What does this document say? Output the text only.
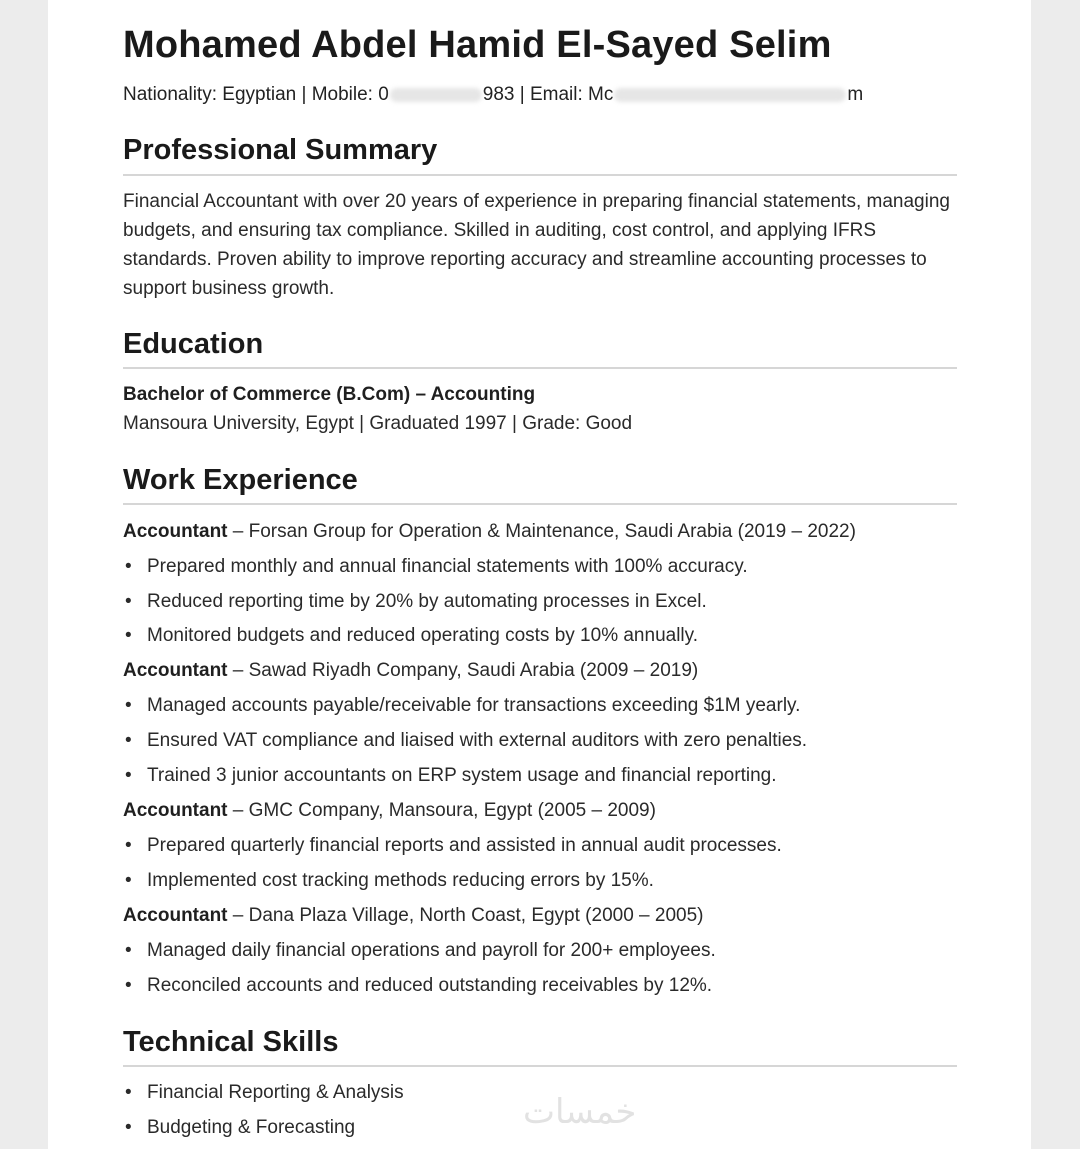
Mohamed Abdel Hamid El-Sayed Selim
Nationality: Egyptian | Mobile: 0	983 | Email: Mc	m
Professional Summary
Financial Accountant with over 20 years of experience in preparing financial statements, managing budgets, and ensuring tax compliance. Skilled in auditing, cost control, and applying IFRS standards. Proven ability to improve reporting accuracy and streamline accounting processes to support business growth.
Education
Bachelor of Commerce (B.Com) – Accounting
Mansoura University, Egypt | Graduated 1997 | Grade: Good
Work Experience
Accountant – Forsan Group for Operation & Maintenance, Saudi Arabia (2019 – 2022)
• Prepared monthly and annual financial statements with 100% accuracy.
• Reduced reporting time by 20% by automating processes in Excel.
• Monitored budgets and reduced operating costs by 10% annually.
Accountant – Sawad Riyadh Company, Saudi Arabia (2009 – 2019)
• Managed accounts payable/receivable for transactions exceeding $1M yearly.
• Ensured VAT compliance and liaised with external auditors with zero penalties.
• Trained 3 junior accountants on ERP system usage and financial reporting.
Accountant – GMC Company, Mansoura, Egypt (2005 – 2009)
• Prepared quarterly financial reports and assisted in annual audit processes.
• Implemented cost tracking methods reducing errors by 15%.
Accountant – Dana Plaza Village, North Coast, Egypt (2000 – 2005)
• Managed daily financial operations and payroll for 200+ employees.
• Reconciled accounts and reduced outstanding receivables by 12%.
Technical Skills
• Financial Reporting & Analysis
• Budgeting & Forecasting	خمسات
